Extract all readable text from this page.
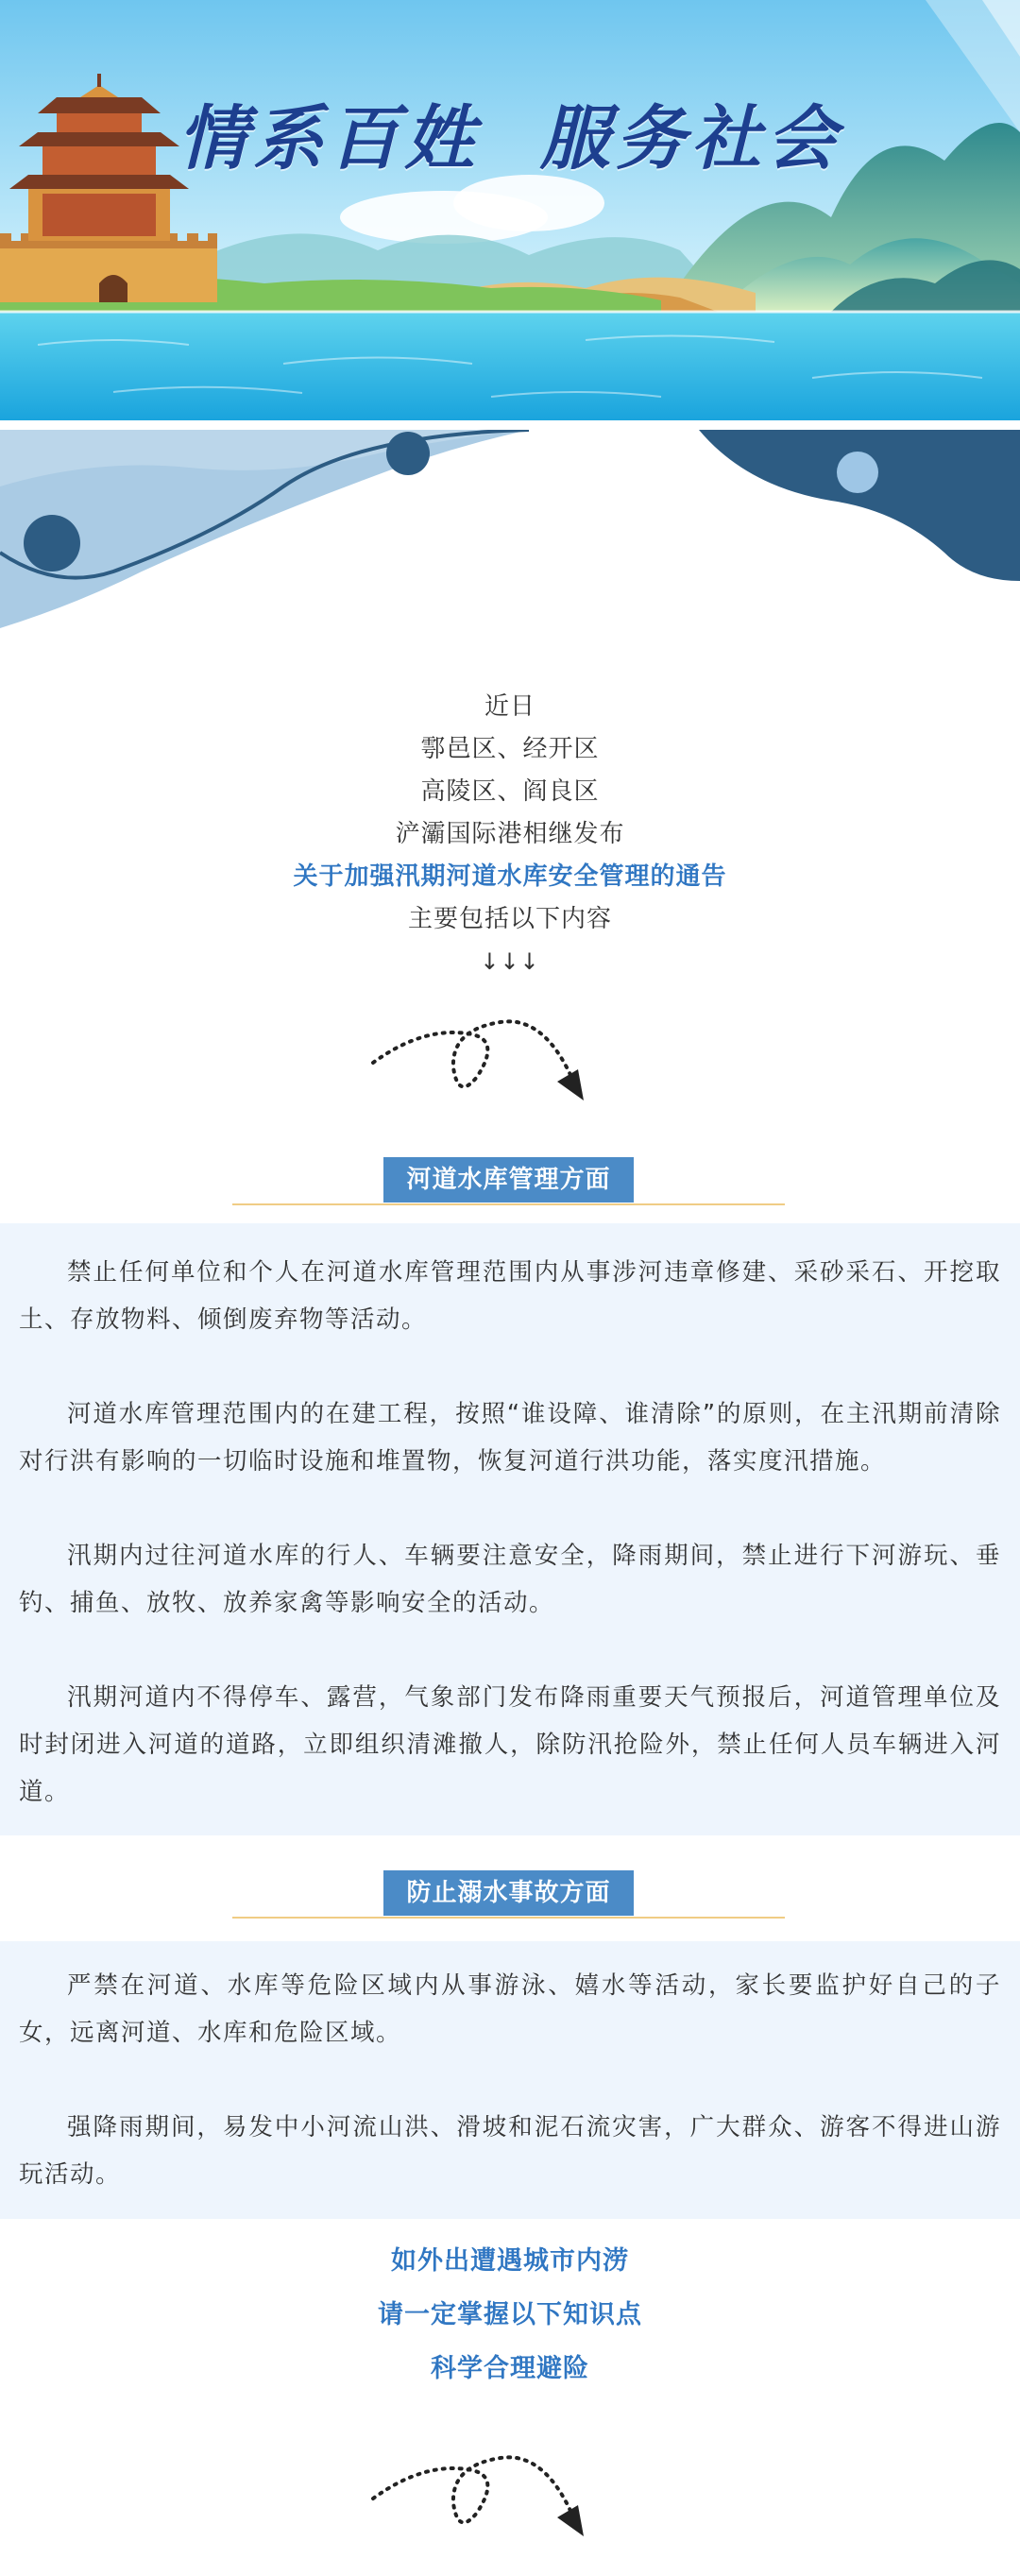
情系百姓  服务社会
近日
鄠邑区、经开区
高陵区、阎良区
浐灞国际港相继发布
关于加强汛期河道水库安全管理的通告
主要包括以下内容
↓↓↓
河道水库管理方面

禁止任何单位和个人在河道水库管理范围内从事涉河违章修建、采砂采石、开挖取土、存放物料、倾倒废弃物等活动。

河道水库管理范围内的在建工程，按照“谁设障、谁清除”的原则，在主汛期前清除对行洪有影响的一切临时设施和堆置物，恢复河道行洪功能，落实度汛措施。

汛期内过往河道水库的行人、车辆要注意安全，降雨期间，禁止进行下河游玩、垂钓、捕鱼、放牧、放养家禽等影响安全的活动。

汛期河道内不得停车、露营，气象部门发布降雨重要天气预报后，河道管理单位及时封闭进入河道的道路，立即组织清滩撤人，除防汛抢险外，禁止任何人员车辆进入河道。

防止溺水事故方面

严禁在河道、水库等危险区域内从事游泳、嬉水等活动，家长要监护好自己的子女，远离河道、水库和危险区域。

强降雨期间，易发中小河流山洪、滑坡和泥石流灾害，广大群众、游客不得进山游玩活动。

如外出遭遇城市内涝
请一定掌握以下知识点
科学合理避险
